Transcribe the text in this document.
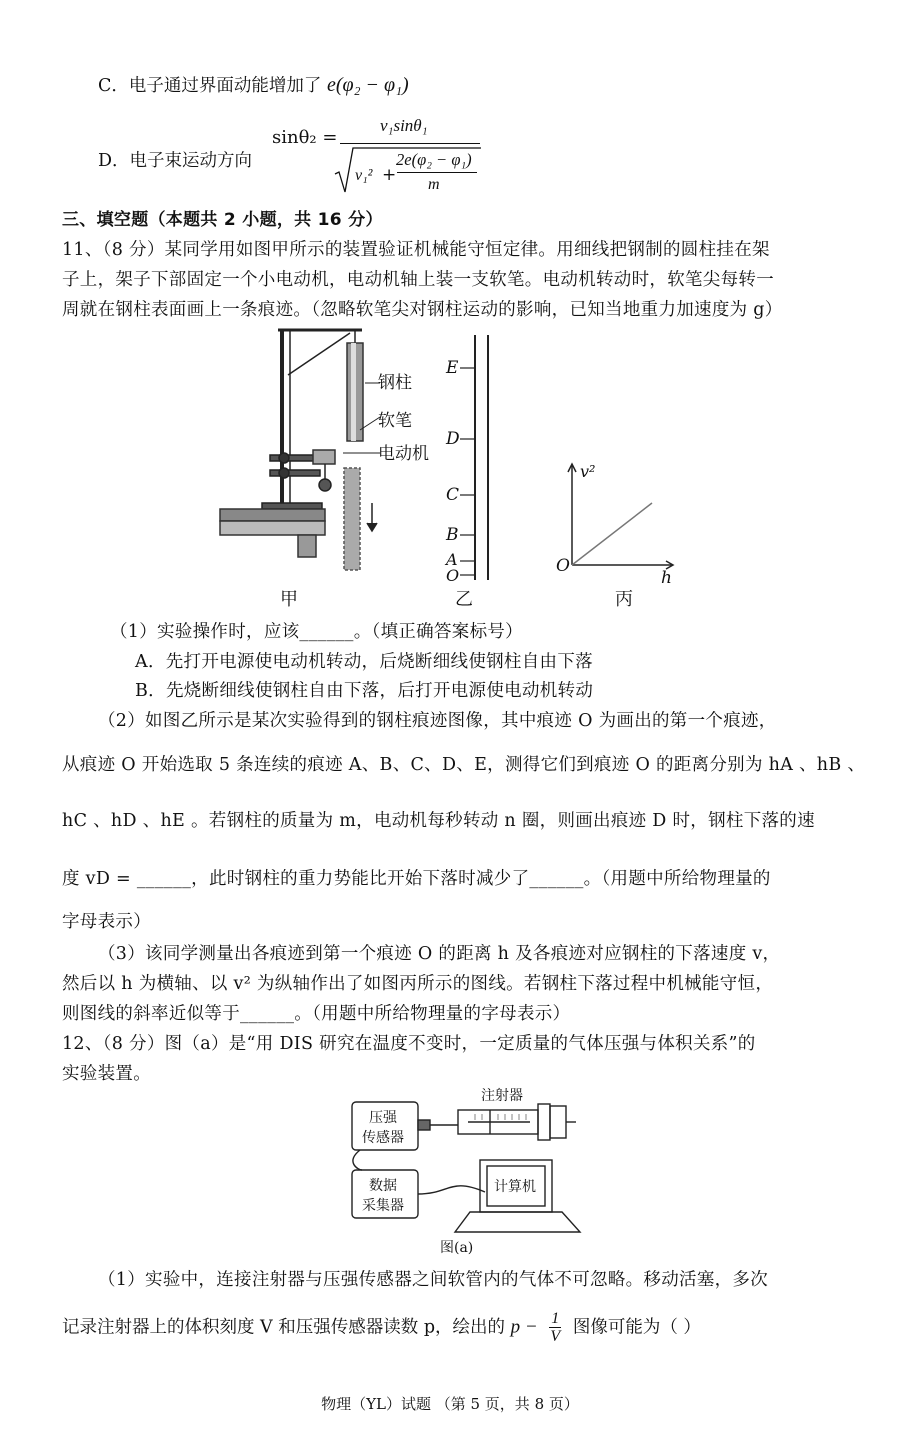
C．电子通过界面动能增加了 e(φ₂ − φ₁)
D．电子束运动方向
sinθ₂ =
v₁sinθ₁
v₁² +
2e(φ₂ − φ₁)
m
三、填空题（本题共 2 小题，共 16 分）
11、（8 分）某同学用如图甲所示的装置验证机械能守恒定律。用细线把钢制的圆柱挂在架
子上，架子下部固定一个小电动机，电动机轴上装一支软笔。电动机转动时，软笔尖每转一
周就在钢柱表面画上一条痕迹。（忽略软笔尖对钢柱运动的影响，已知当地重力加速度为 g）
钢柱
软笔
电动机
甲
E
D
C
B
A
O
乙
v²
O
h
丙
（1）实验操作时，应该______。（填正确答案标号）
A．先打开电源使电动机转动，后烧断细线使钢柱自由下落
B．先烧断细线使钢柱自由下落，后打开电源使电动机转动
（2）如图乙所示是某次实验得到的钢柱痕迹图像，其中痕迹 O 为画出的第一个痕迹，
从痕迹 O 开始选取 5 条连续的痕迹 A、B、C、D、E，测得它们到痕迹 O 的距离分别为 hA 、hB 、
hC 、hD 、hE 。若钢柱的质量为 m，电动机每秒转动 n 圈，则画出痕迹 D 时，钢柱下落的速
度 vD = ______，此时钢柱的重力势能比开始下落时减少了______。（用题中所给物理量的
字母表示）
（3）该同学测量出各痕迹到第一个痕迹 O 的距离 h 及各痕迹对应钢柱的下落速度 v，
然后以 h 为横轴、以 v² 为纵轴作出了如图丙所示的图线。若钢柱下落过程中机械能守恒，
则图线的斜率近似等于______。（用题中所给物理量的字母表示）
12、（8 分）图（a）是“用 DIS 研究在温度不变时，一定质量的气体压强与体积关系”的
实验装置。
注射器
压强
传感器
数据
采集器
计算机
图(a)
（1）实验中，连接注射器与压强传感器之间软管内的气体不可忽略。移动活塞，多次
记录注射器上的体积刻度 V 和压强传感器读数 p，绘出的 $p - \frac{1}{V}$ 图像可能为（ ）
物理（YL）试题 （第 5 页，共 8 页）
